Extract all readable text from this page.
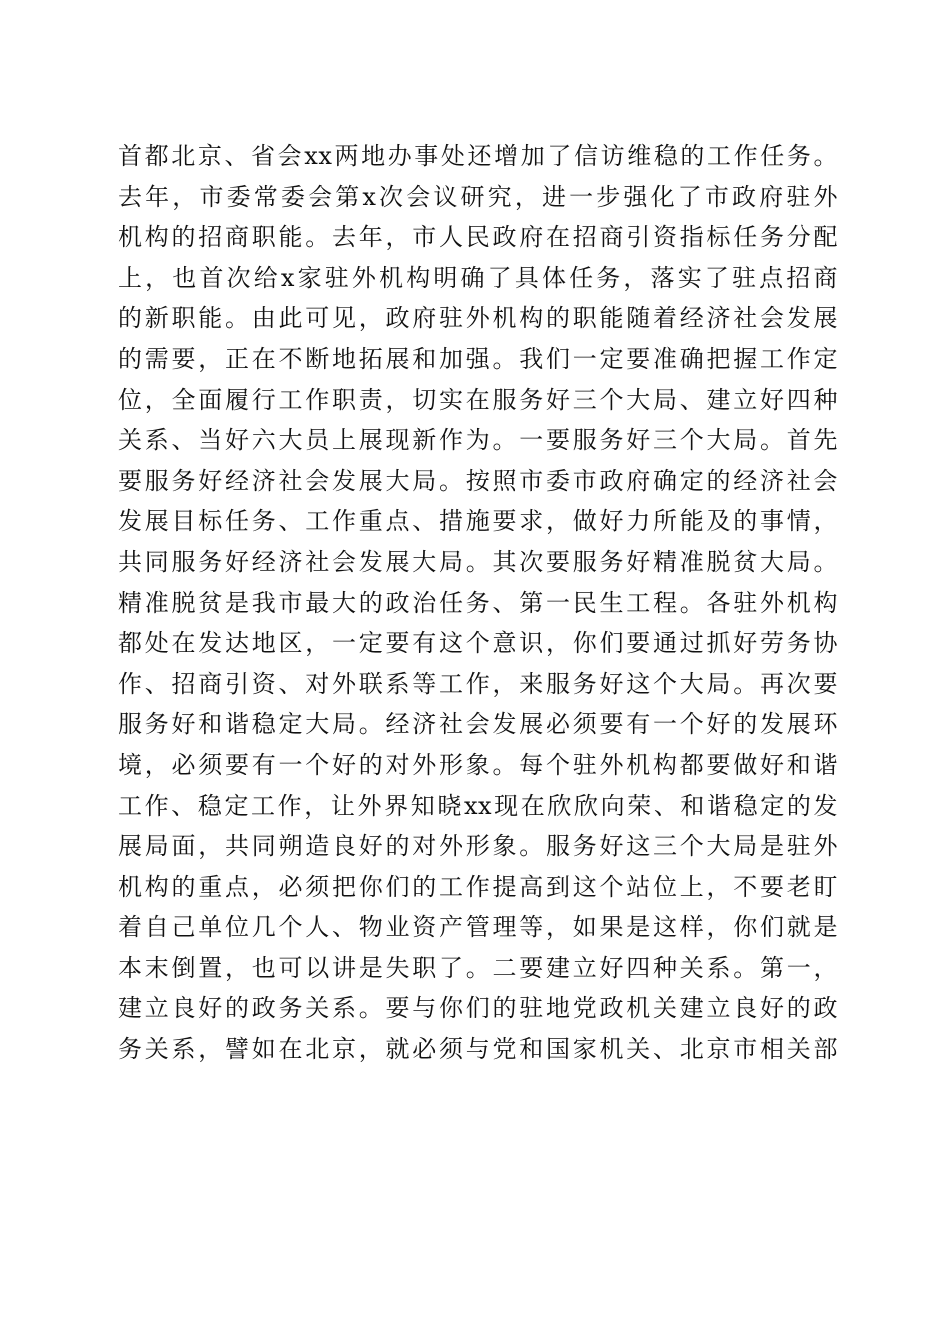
首都北京、省会xx两地办事处还增加了信访维稳的工作任务。
去年，市委常委会第x次会议研究，进一步强化了市政府驻外
机构的招商职能。去年，市人民政府在招商引资指标任务分配
上，也首次给x家驻外机构明确了具体任务，落实了驻点招商
的新职能。由此可见，政府驻外机构的职能随着经济社会发展
的需要，正在不断地拓展和加强。我们一定要准确把握工作定
位，全面履行工作职责，切实在服务好三个大局、建立好四种
关系、当好六大员上展现新作为。一要服务好三个大局。首先
要服务好经济社会发展大局。按照市委市政府确定的经济社会
发展目标任务、工作重点、措施要求，做好力所能及的事情，
共同服务好经济社会发展大局。其次要服务好精准脱贫大局。
精准脱贫是我市最大的政治任务、第一民生工程。各驻外机构
都处在发达地区，一定要有这个意识，你们要通过抓好劳务协
作、招商引资、对外联系等工作，来服务好这个大局。再次要
服务好和谐稳定大局。经济社会发展必须要有一个好的发展环
境，必须要有一个好的对外形象。每个驻外机构都要做好和谐
工作、稳定工作，让外界知晓xx现在欣欣向荣、和谐稳定的发
展局面，共同朔造良好的对外形象。服务好这三个大局是驻外
机构的重点，必须把你们的工作提高到这个站位上，不要老盯
着自己单位几个人、物业资产管理等，如果是这样，你们就是
本末倒置，也可以讲是失职了。二要建立好四种关系。第一，
建立良好的政务关系。要与你们的驻地党政机关建立良好的政
务关系，譬如在北京，就必须与党和国家机关、北京市相关部
